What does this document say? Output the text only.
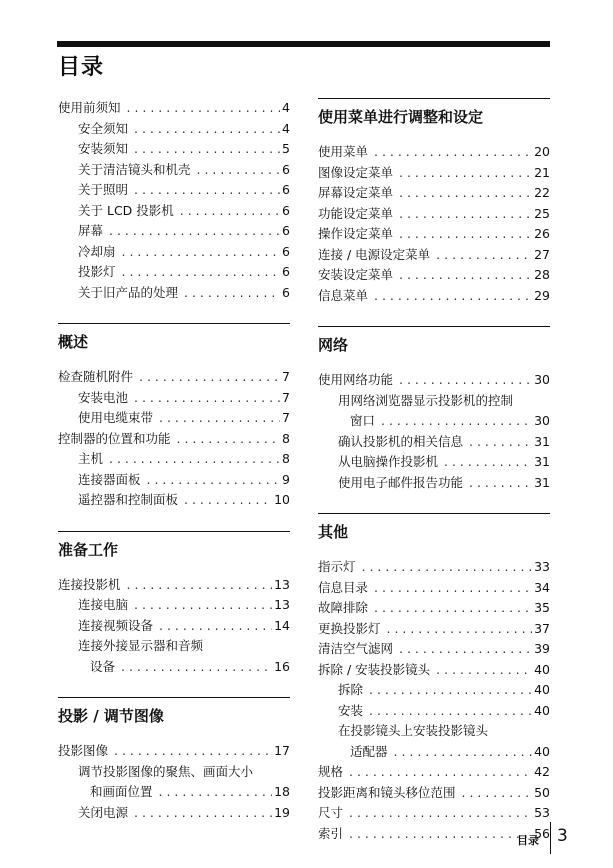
目录
使用前须知 . . .	4
安全须知 . . .	4
安装须知 . . .	5
关于清洁镜头和机壳 . . .	6
关于照明 . . .	6
关于 LCD 投影机 . . .	6
屏幕 . . .	6
冷却扇 . . .	6
投影灯 . . .	6
关于旧产品的处理 . . .	6
概述
检查随机附件 . . .	7
安装电池 . . .	7
使用电缆束带 . . .	7
控制器的位置和功能 . . .	8
主机 . . .	8
连接器面板 . . .	9
遥控器和控制面板 . . .	10
准备工作
连接投影机 . . .	13
连接电脑 . . .	13
连接视频设备 . . .	14
连接外接显示器和音频
设备 . . .	16
投影 / 调节图像
投影图像 . . .	17
调节投影图像的聚焦、画面大小
和画面位置 . . .	18
关闭电源 . . .	19
使用菜单进行调整和设定
使用菜单 . . .	20
图像设定菜单 . . .	21
屏幕设定菜单 . . .	22
功能设定菜单 . . .	25
操作设定菜单 . . .	26
连接 / 电源设定菜单 . . .	27
安装设定菜单 . . .	28
信息菜单 . . .	29
网络
使用网络功能 . . .	30
用网络浏览器显示投影机的控制
窗口 . . .	30
确认投影机的相关信息 . . .	31
从电脑操作投影机 . . .	31
使用电子邮件报告功能 . . .	31
其他
指示灯 . . .	33
信息目录 . . .	34
故障排除 . . .	35
更换投影灯 . . .	37
清洁空气滤网 . . .	39
拆除 / 安装投影镜头 . . .	40
拆除 . . .	40
安装 . . .	40
在投影镜头上安装投影镜头
适配器 . . .	40
规格 . . .	42
投影距离和镜头移位范围 . . .	50
尺寸 . . .	53
索引 . . .	56
目录 3
